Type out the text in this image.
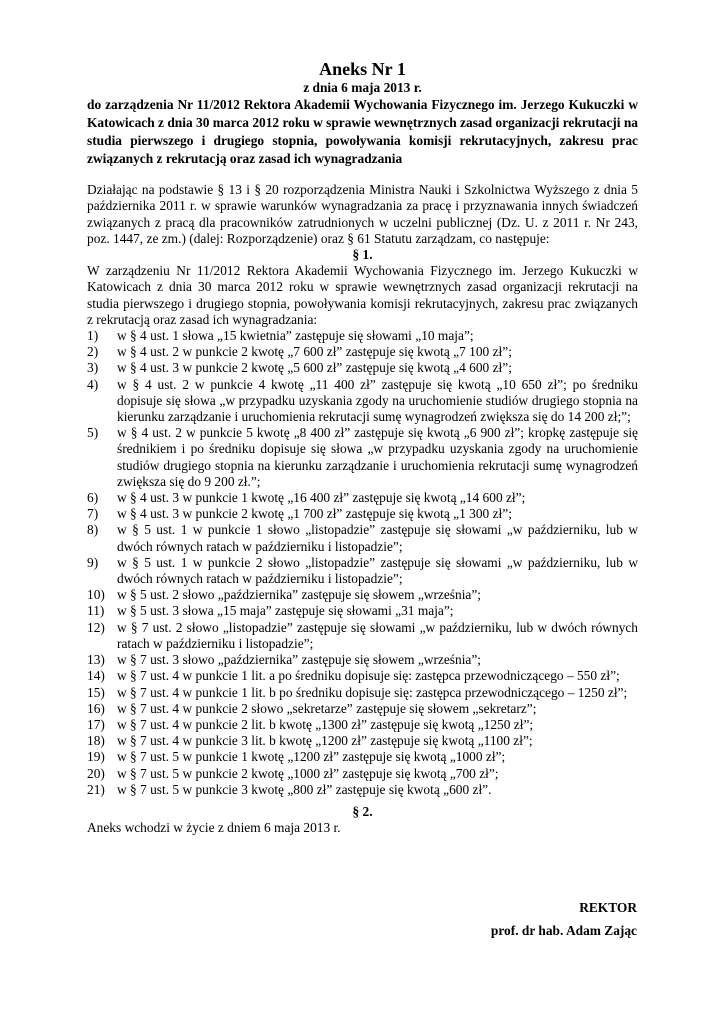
Aneks Nr 1
z dnia 6 maja 2013 r.
do zarządzenia Nr 11/2012 Rektora Akademii Wychowania Fizycznego im. Jerzego Kukuczki w Katowicach z dnia 30 marca 2012 roku w sprawie wewnętrznych zasad organizacji rekrutacji na studia pierwszego i drugiego stopnia, powoływania komisji rekrutacyjnych, zakresu prac związanych z rekrutacją oraz zasad ich wynagradzania
Działając na podstawie § 13 i § 20 rozporządzenia Ministra Nauki i Szkolnictwa Wyższego z dnia 5 października 2011 r. w sprawie warunków wynagradzania za pracę i przyznawania innych świadczeń związanych z pracą dla pracowników zatrudnionych w uczelni publicznej (Dz. U. z 2011 r. Nr 243, poz. 1447, ze zm.) (dalej: Rozporządzenie) oraz § 61 Statutu zarządzam, co następuje:
§ 1.
W zarządzeniu Nr 11/2012 Rektora Akademii Wychowania Fizycznego im. Jerzego Kukuczki w Katowicach z dnia 30 marca 2012 roku w sprawie wewnętrznych zasad organizacji rekrutacji na studia pierwszego i drugiego stopnia, powoływania komisji rekrutacyjnych, zakresu prac związanych z rekrutacją oraz zasad ich wynagradzania:
1) w § 4 ust. 1 słowa „15 kwietnia” zastępuje się słowami „10 maja”;
2) w § 4 ust. 2 w punkcie 2 kwotę „7 600 zł” zastępuje się kwotą „7 100 zł”;
3) w § 4 ust. 3 w punkcie 2 kwotę „5 600 zł” zastępuje się kwotą „4 600 zł”;
4) w § 4 ust. 2 w punkcie 4 kwotę „11 400 zł” zastępuje się kwotą „10 650 zł”; po średniku dopisuje się słowa „w przypadku uzyskania zgody na uruchomienie studiów drugiego stopnia na kierunku zarządzanie i uruchomienia rekrutacji sumę wynagrodzeń zwiększa się do 14 200 zł;”;
5) w § 4 ust. 2 w punkcie 5 kwotę „8 400 zł” zastępuje się kwotą „6 900 zł”; kropkę zastępuje się średnikiem i po średniku dopisuje się słowa „w przypadku uzyskania zgody na uruchomienie studiów drugiego stopnia na kierunku zarządzanie i uruchomienia rekrutacji sumę wynagrodzeń zwiększa się do 9 200 zł.”;
6) w § 4 ust. 3 w punkcie 1 kwotę „16 400 zł” zastępuje się kwotą „14 600 zł”;
7) w § 4 ust. 3 w punkcie 2 kwotę „1 700 zł” zastępuje się kwotą „1 300 zł”;
8) w § 5 ust. 1 w punkcie 1 słowo „listopadzie” zastępuje się słowami „w październiku, lub w dwóch równych ratach w październiku i listopadzie”;
9) w § 5 ust. 1 w punkcie 2 słowo „listopadzie” zastępuje się słowami „w październiku, lub w dwóch równych ratach w październiku i listopadzie”;
10) w § 5 ust. 2 słowo „października” zastępuje się słowem „września”;
11) w § 5 ust. 3 słowa „15 maja” zastępuje się słowami „31 maja”;
12) w § 7 ust. 2 słowo „listopadzie” zastępuje się słowami „w październiku, lub w dwóch równych ratach w październiku i listopadzie”;
13) w § 7 ust. 3 słowo „października” zastępuje się słowem „września”;
14) w § 7 ust. 4 w punkcie 1 lit. a po średniku dopisuje się: zastępca przewodniczącego – 550 zł”;
15) w § 7 ust. 4 w punkcie 1 lit. b po średniku dopisuje się: zastępca przewodniczącego – 1250 zł”;
16) w § 7 ust. 4 w punkcie 2 słowo „sekretarze” zastępuje się słowem „sekretarz”;
17) w § 7 ust. 4 w punkcie 2 lit. b kwotę „1300 zł” zastępuje się kwotą „1250 zł”;
18) w § 7 ust. 4 w punkcie 3 lit. b kwotę „1200 zł” zastępuje się kwotą „1100 zł”;
19) w § 7 ust. 5 w punkcie 1 kwotę „1200 zł” zastępuje się kwotą „1000 zł”;
20) w § 7 ust. 5 w punkcie 2 kwotę „1000 zł” zastępuje się kwotą „700 zł”;
21) w § 7 ust. 5 w punkcie 3 kwotę „800 zł” zastępuje się kwotą „600 zł”.
§ 2.
Aneks wchodzi w życie z dniem 6 maja 2013 r.
REKTOR
prof. dr hab. Adam Zając
